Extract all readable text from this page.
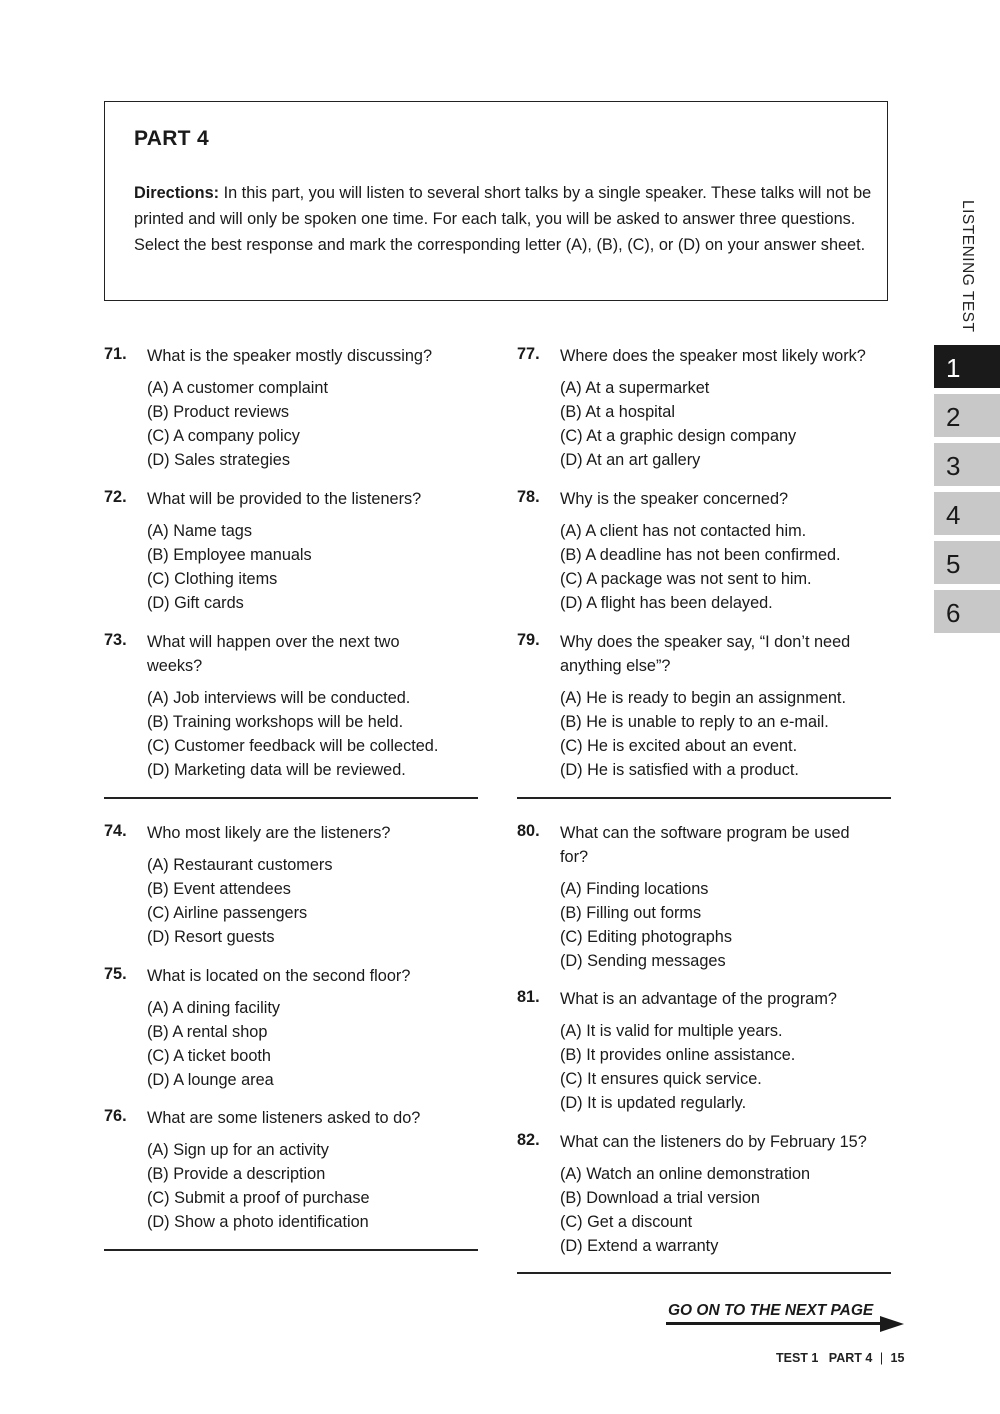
PART 4
Directions: In this part, you will listen to several short talks by a single speaker. These talks will not be printed and will only be spoken one time. For each talk, you will be asked to answer three questions. Select the best response and mark the corresponding letter (A), (B), (C), or (D) on your answer sheet.	LISTENING TEST
1
2
3
4
5
6
71. What is the speaker mostly discussing?
(A) A customer complaint
(B) Product reviews
(C) A company policy
(D) Sales strategies
72. What will be provided to the listeners?
(A) Name tags
(B) Employee manuals
(C) Clothing items
(D) Gift cards
73. What will happen over the next two weeks?
(A) Job interviews will be conducted.
(B) Training workshops will be held.
(C) Customer feedback will be collected.
(D) Marketing data will be reviewed.
74. Who most likely are the listeners?
(A) Restaurant customers
(B) Event attendees
(C) Airline passengers
(D) Resort guests
75. What is located on the second floor?
(A) A dining facility
(B) A rental shop
(C) A ticket booth
(D) A lounge area
76. What are some listeners asked to do?
(A) Sign up for an activity
(B) Provide a description
(C) Submit a proof of purchase
(D) Show a photo identification
77. Where does the speaker most likely work?
(A) At a supermarket
(B) At a hospital
(C) At a graphic design company
(D) At an art gallery
78. Why is the speaker concerned?
(A) A client has not contacted him.
(B) A deadline has not been confirmed.
(C) A package was not sent to him.
(D) A flight has been delayed.
79. Why does the speaker say, “I don’t need anything else”?
(A) He is ready to begin an assignment.
(B) He is unable to reply to an e-mail.
(C) He is excited about an event.
(D) He is satisfied with a product.
80. What can the software program be used for?
(A) Finding locations
(B) Filling out forms
(C) Editing photographs
(D) Sending messages
81. What is an advantage of the program?
(A) It is valid for multiple years.
(B) It provides online assistance.
(C) It ensures quick service.
(D) It is updated regularly.
82. What can the listeners do by February 15?
(A) Watch an online demonstration
(B) Download a trial version
(C) Get a discount
(D) Extend a warranty
GO ON TO THE NEXT PAGE
TEST 1 PART 4 | 15
